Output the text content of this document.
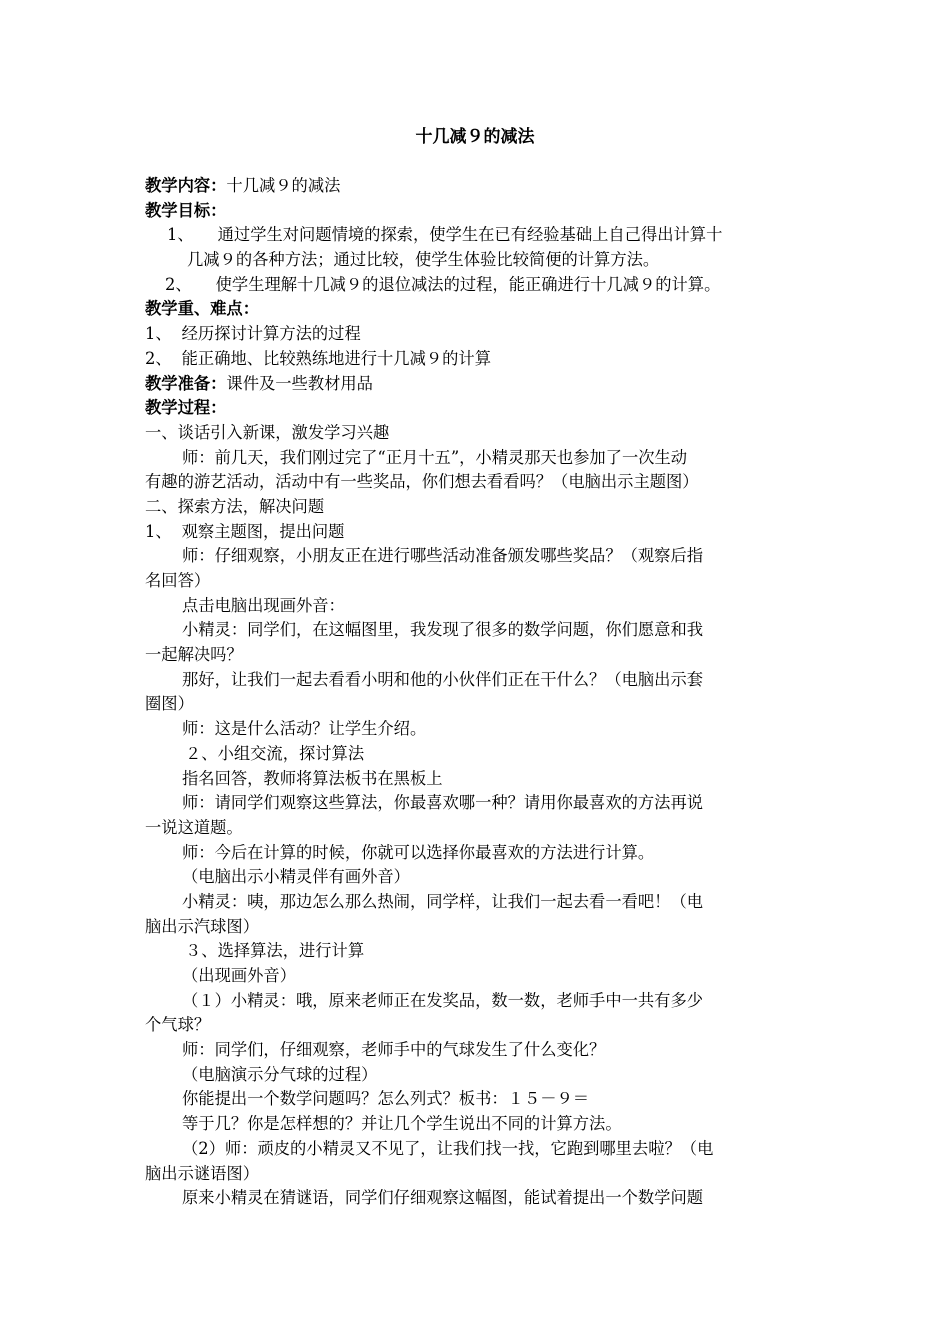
十几减９的减法
教学内容：十几减９的减法
教学目标：
1、 通过学生对问题情境的探索，使学生在已有经验基础上自己得出计算十
几减９的各种方法；通过比较，使学生体验比较简便的计算方法。
2、 使学生理解十几减９的退位减法的过程，能正确进行十几减９的计算。
教学重、难点：
1、 经历探讨计算方法的过程
2、 能正确地、比较熟练地进行十几减９的计算
教学准备：课件及一些教材用品
教学过程：
一、谈话引入新课，激发学习兴趣
师：前几天，我们刚过完了“正月十五”，小精灵那天也参加了一次生动
有趣的游艺活动，活动中有一些奖品，你们想去看看吗？（电脑出示主题图）
二、探索方法，解决问题
1、 观察主题图，提出问题
师：仔细观察，小朋友正在进行哪些活动准备颁发哪些奖品？（观察后指
名回答）
点击电脑出现画外音：
小精灵：同学们，在这幅图里，我发现了很多的数学问题，你们愿意和我
一起解决吗？
那好，让我们一起去看看小明和他的小伙伴们正在干什么？（电脑出示套
圈图）
师：这是什么活动？让学生介绍。
２、小组交流，探讨算法
指名回答，教师将算法板书在黑板上
师：请同学们观察这些算法，你最喜欢哪一种？请用你最喜欢的方法再说
一说这道题。
师：今后在计算的时候，你就可以选择你最喜欢的方法进行计算。
（电脑出示小精灵伴有画外音）
小精灵：咦，那边怎么那么热闹，同学样，让我们一起去看一看吧！（电
脑出示汽球图）
３、选择算法，进行计算
（出现画外音）
（１）小精灵：哦，原来老师正在发奖品，数一数，老师手中一共有多少
个气球？
师：同学们，仔细观察，老师手中的气球发生了什么变化？
（电脑演示分气球的过程）
你能提出一个数学问题吗？怎么列式？板书：１５－９＝
等于几？你是怎样想的？并让几个学生说出不同的计算方法。
（2）师：顽皮的小精灵又不见了，让我们找一找，它跑到哪里去啦？（电
脑出示谜语图）
原来小精灵在猜谜语，同学们仔细观察这幅图，能试着提出一个数学问题
